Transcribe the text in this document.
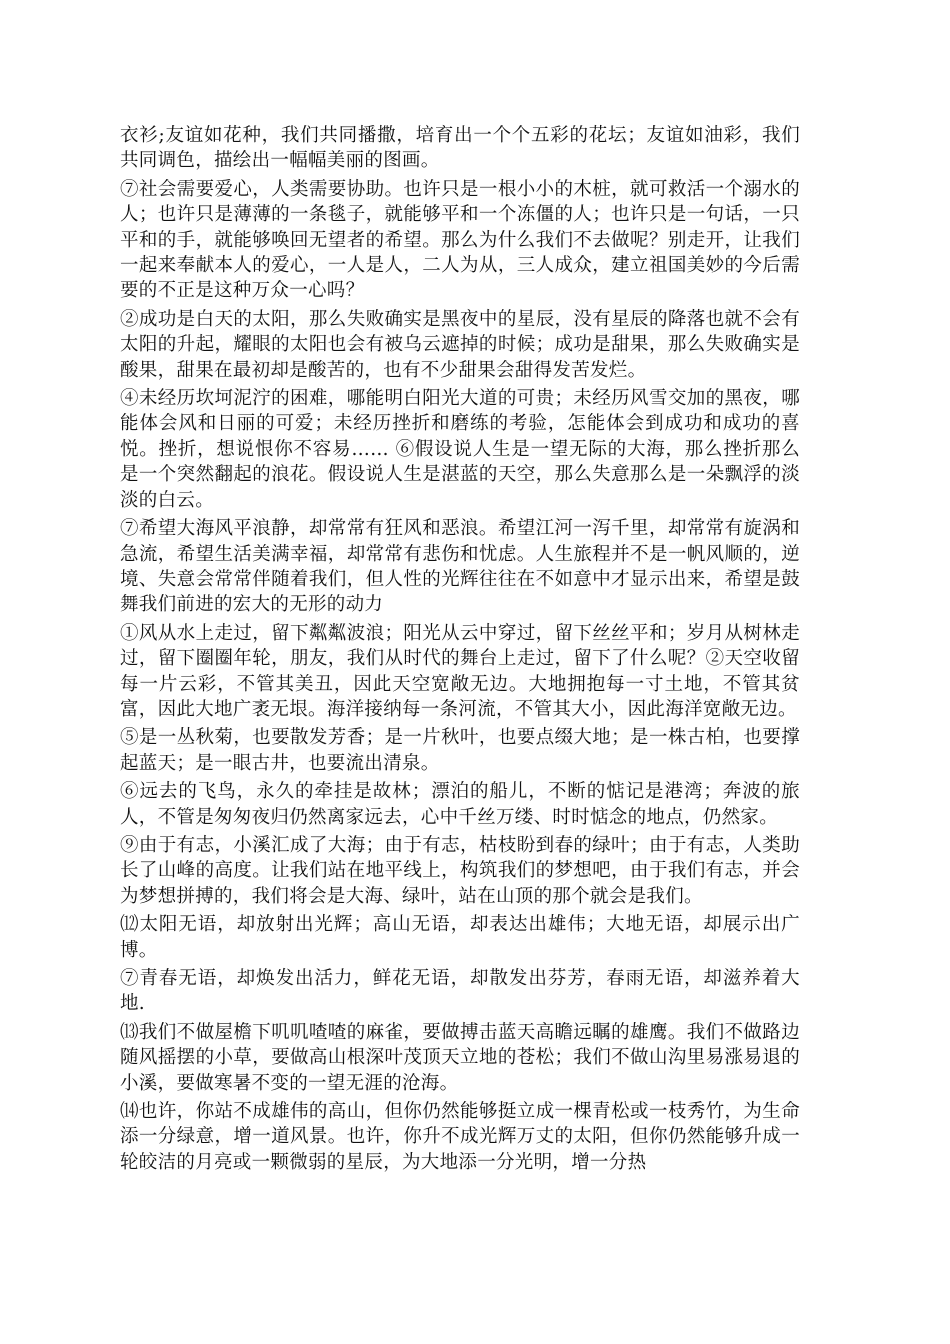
衣衫;友谊如花种，我们共同播撒，培育出一个个五彩的花坛；友谊如油彩，我们共同调色，描绘出一幅幅美丽的图画。

⑦社会需要爱心，人类需要协助。也许只是一根小小的木桩，就可救活一个溺水的人；也许只是薄薄的一条毯子，就能够平和一个冻僵的人；也许只是一句话，一只平和的手，就能够唤回无望者的希望。那么为什么我们不去做呢？别走开，让我们一起来奉献本人的爱心，一人是人，二人为从，三人成众，建立祖国美妙的今后需要的不正是这种万众一心吗？

②成功是白天的太阳，那么失败确实是黑夜中的星辰，没有星辰的降落也就不会有太阳的升起，耀眼的太阳也会有被乌云遮掉的时候；成功是甜果，那么失败确实是酸果，甜果在最初却是酸苦的，也有不少甜果会甜得发苦发烂。

④未经历坎坷泥泞的困难，哪能明白阳光大道的可贵；未经历风雪交加的黑夜，哪能体会风和日丽的可爱；未经历挫折和磨练的考验，怎能体会到成功和成功的喜悦。挫折，想说恨你不容易…… ⑥假设说人生是一望无际的大海，那么挫折那么是一个突然翻起的浪花。假设说人生是湛蓝的天空，那么失意那么是一朵飘浮的淡淡的白云。

⑦希望大海风平浪静，却常常有狂风和恶浪。希望江河一泻千里，却常常有旋涡和急流，希望生活美满幸福，却常常有悲伤和忧虑。人生旅程并不是一帆风顺的，逆境、失意会常常伴随着我们，但人性的光辉往往在不如意中才显示出来，希望是鼓舞我们前进的宏大的无形的动力

①风从水上走过，留下粼粼波浪；阳光从云中穿过，留下丝丝平和；岁月从树林走过，留下圈圈年轮，朋友，我们从时代的舞台上走过，留下了什么呢？②天空收留每一片云彩，不管其美丑，因此天空宽敞无边。大地拥抱每一寸土地，不管其贫富，因此大地广袤无垠。海洋接纳每一条河流，不管其大小，因此海洋宽敞无边。

⑤是一丛秋菊，也要散发芳香；是一片秋叶，也要点缀大地；是一株古柏，也要撑起蓝天；是一眼古井，也要流出清泉。

⑥远去的飞鸟，永久的牵挂是故林；漂泊的船儿，不断的惦记是港湾；奔波的旅人，不管是匆匆夜归仍然离家远去，心中千丝万缕、时时惦念的地点，仍然家。

⑨由于有志，小溪汇成了大海；由于有志，枯枝盼到春的绿叶；由于有志，人类助长了山峰的高度。让我们站在地平线上，构筑我们的梦想吧，由于我们有志，并会为梦想拼搏的，我们将会是大海、绿叶，站在山顶的那个就会是我们。

⑿太阳无语，却放射出光辉；高山无语，却表达出雄伟；大地无语，却展示出广博。

⑦青春无语，却焕发出活力，鲜花无语，却散发出芬芳，春雨无语，却滋养着大地.

⒀我们不做屋檐下叽叽喳喳的麻雀，要做搏击蓝天高瞻远瞩的雄鹰。我们不做路边随风摇摆的小草，要做高山根深叶茂顶天立地的苍松；我们不做山沟里易涨易退的小溪，要做寒暑不变的一望无涯的沧海。

⒁也许，你站不成雄伟的高山，但你仍然能够挺立成一棵青松或一枝秀竹，为生命添一分绿意，增一道风景。也许，你升不成光辉万丈的太阳，但你仍然能够升成一轮皎洁的月亮或一颗微弱的星辰，为大地添一分光明，增一分热
